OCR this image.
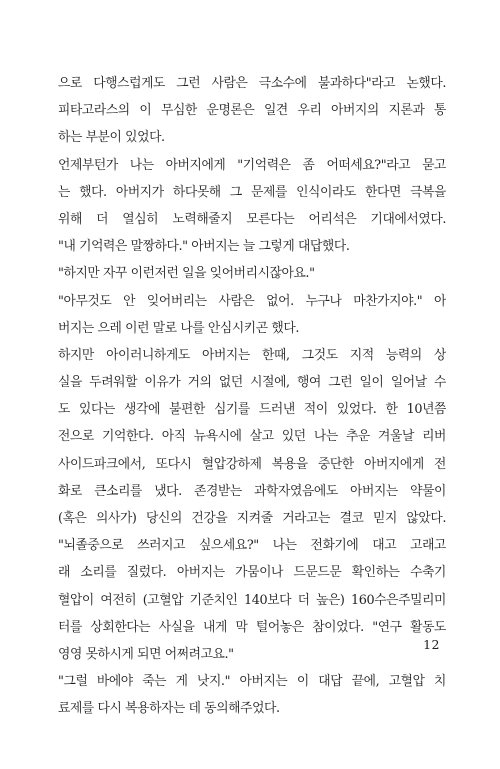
으로 다행스럽게도 그런 사람은 극소수에 불과하다"라고 논했다.
피타고라스의 이 무심한 운명론은 일견 우리 아버지의 지론과 통
하는 부분이 있었다.
언제부턴가 나는 아버지에게 "기억력은 좀 어떠세요?"라고 묻고
는 했다. 아버지가 하다못해 그 문제를 인식이라도 한다면 극복을
위해 더 열심히 노력해줄지 모른다는 어리석은 기대에서였다.
"내 기억력은 말짱하다." 아버지는 늘 그렇게 대답했다.
"하지만 자꾸 이런저런 일을 잊어버리시잖아요."
"아무것도 안 잊어버리는 사람은 없어. 누구나 마찬가지야." 아
버지는 으레 이런 말로 나를 안심시키곤 했다.
하지만 아이러니하게도 아버지는 한때, 그것도 지적 능력의 상
실을 두려워할 이유가 거의 없던 시절에, 행여 그런 일이 일어날 수
도 있다는 생각에 불편한 심기를 드러낸 적이 있었다. 한 10년쯤
전으로 기억한다. 아직 뉴욕시에 살고 있던 나는 추운 겨울날 리버
사이드파크에서, 또다시 혈압강하제 복용을 중단한 아버지에게 전
화로 큰소리를 냈다. 존경받는 과학자였음에도 아버지는 약물이
(혹은 의사가) 당신의 건강을 지켜줄 거라고는 결코 믿지 않았다.
"뇌졸중으로 쓰러지고 싶으세요?" 나는 전화기에 대고 고래고
래 소리를 질렀다. 아버지는 가뭄이나 드문드문 확인하는 수축기
혈압이 여전히 (고혈압 기준치인 140보다 더 높은) 160수은주밀리미
터를 상회한다는 사실을 내게 막 털어놓은 참이었다. "연구 활동도
영영 못하시게 되면 어쩌려고요."
"그럴 바에야 죽는 게 낫지." 아버지는 이 대답 끝에, 고혈압 치
료제를 다시 복용하자는 데 동의해주었다.
12
